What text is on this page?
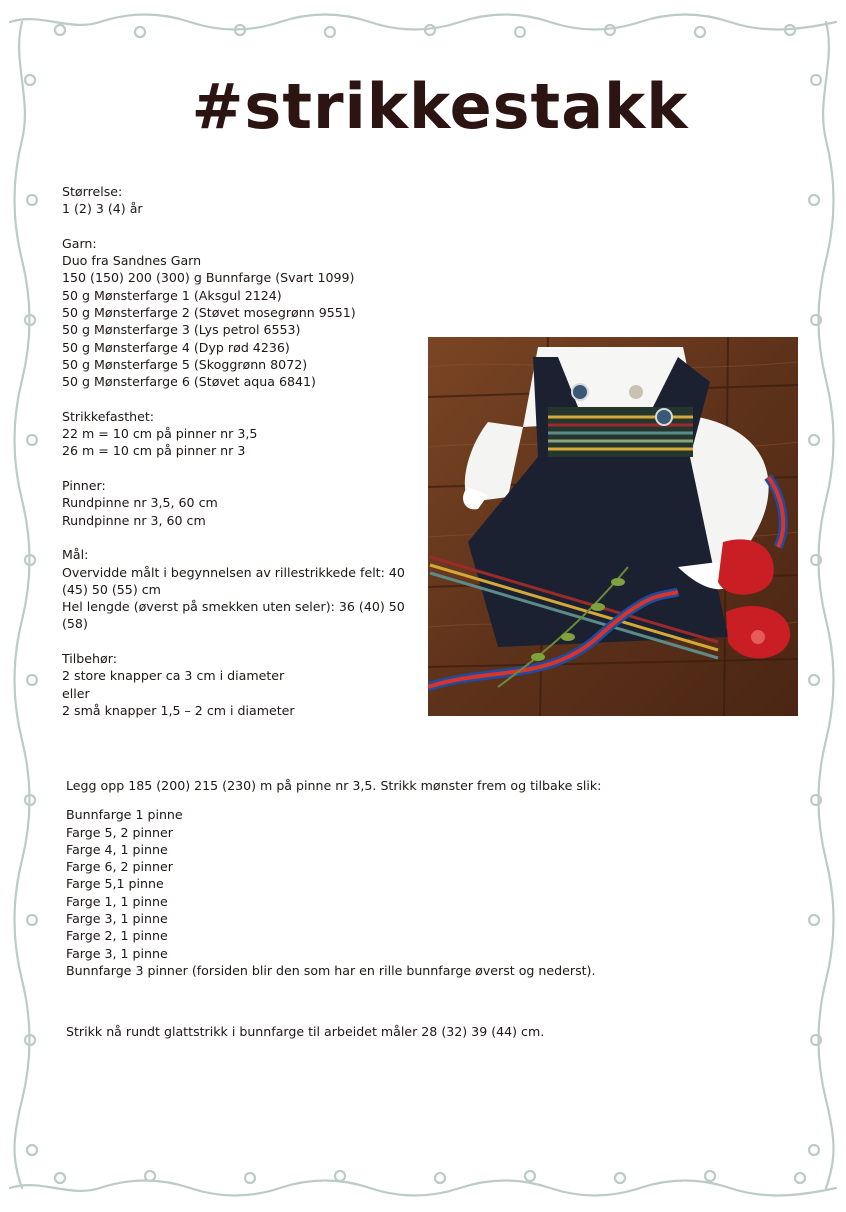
#strikkestakk

Størrelse:
1 (2) 3 (4) år

Garn:
Duo fra Sandnes Garn
150 (150) 200 (300) g Bunnfarge (Svart 1099)
50 g Mønsterfarge 1 (Aksgul 2124)
50 g Mønsterfarge 2 (Støvet mosegrønn 9551)
50 g Mønsterfarge 3 (Lys petrol 6553)
50 g Mønsterfarge 4 (Dyp rød 4236)
50 g Mønsterfarge 5 (Skoggrønn 8072)
50 g Mønsterfarge 6 (Støvet aqua 6841)

Strikkefasthet:
22 m = 10 cm på pinner nr 3,5
26 m = 10 cm på pinner nr 3

Pinner:
Rundpinne nr 3,5, 60 cm
Rundpinne nr 3, 60 cm

Mål:
Overvidde målt i begynnelsen av rillestrikkede felt: 40 (45) 50 (55) cm
Hel lengde (øverst på smekken uten seler): 36 (40) 50 (58)

Tilbehør:
2 store knapper ca 3 cm i diameter
eller
2 små knapper 1,5 – 2 cm i diameter

Legg opp 185 (200) 215 (230) m på pinne nr 3,5. Strikk mønster frem og tilbake slik:

Bunnfarge 1 pinne
Farge 5, 2 pinner
Farge 4, 1 pinne
Farge 6, 2 pinner
Farge 5,1 pinne
Farge 1, 1 pinne
Farge 3, 1 pinne
Farge 2, 1 pinne
Farge 3, 1 pinne
Bunnfarge 3 pinner (forsiden blir den som har en rille bunnfarge øverst og nederst).

Strikk nå rundt glattstrikk i bunnfarge til arbeidet måler 28 (32) 39 (44) cm.
